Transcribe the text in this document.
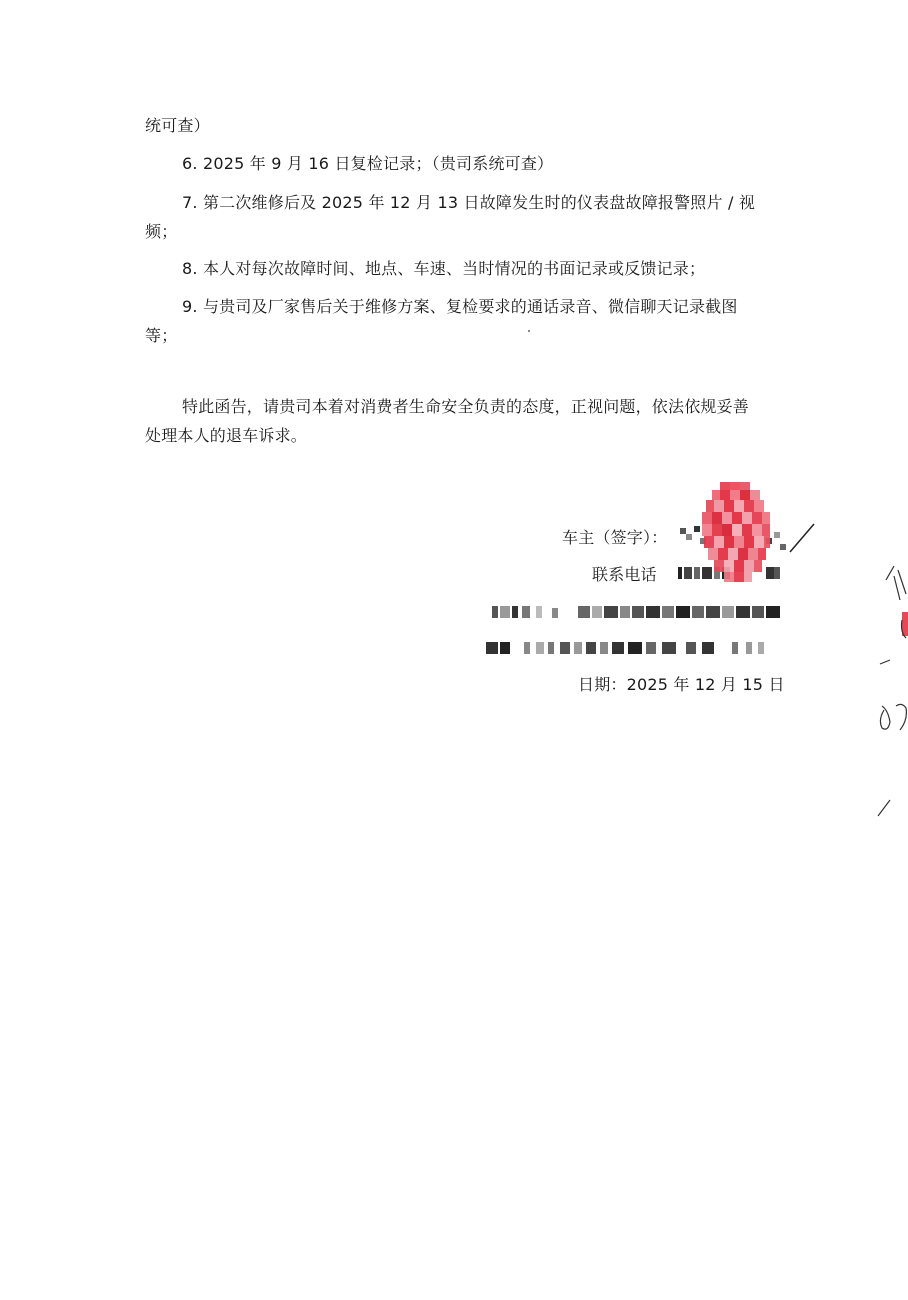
统可查）
6. 2025 年 9 月 16 日复检记录；（贵司系统可查）
7. 第二次维修后及 2025 年 12 月 13 日故障发生时的仪表盘故障报警照片 / 视
频；
8. 本人对每次故障时间、地点、车速、当时情况的书面记录或反馈记录；
9. 与贵司及厂家售后关于维修方案、复检要求的通话录音、微信聊天记录截图
等；
特此函告，请贵司本着对消费者生命安全负责的态度，正视问题，依法依规妥善
处理本人的退车诉求。
车主（签字）：
联系电话
日期：2025 年 12 月 15 日
